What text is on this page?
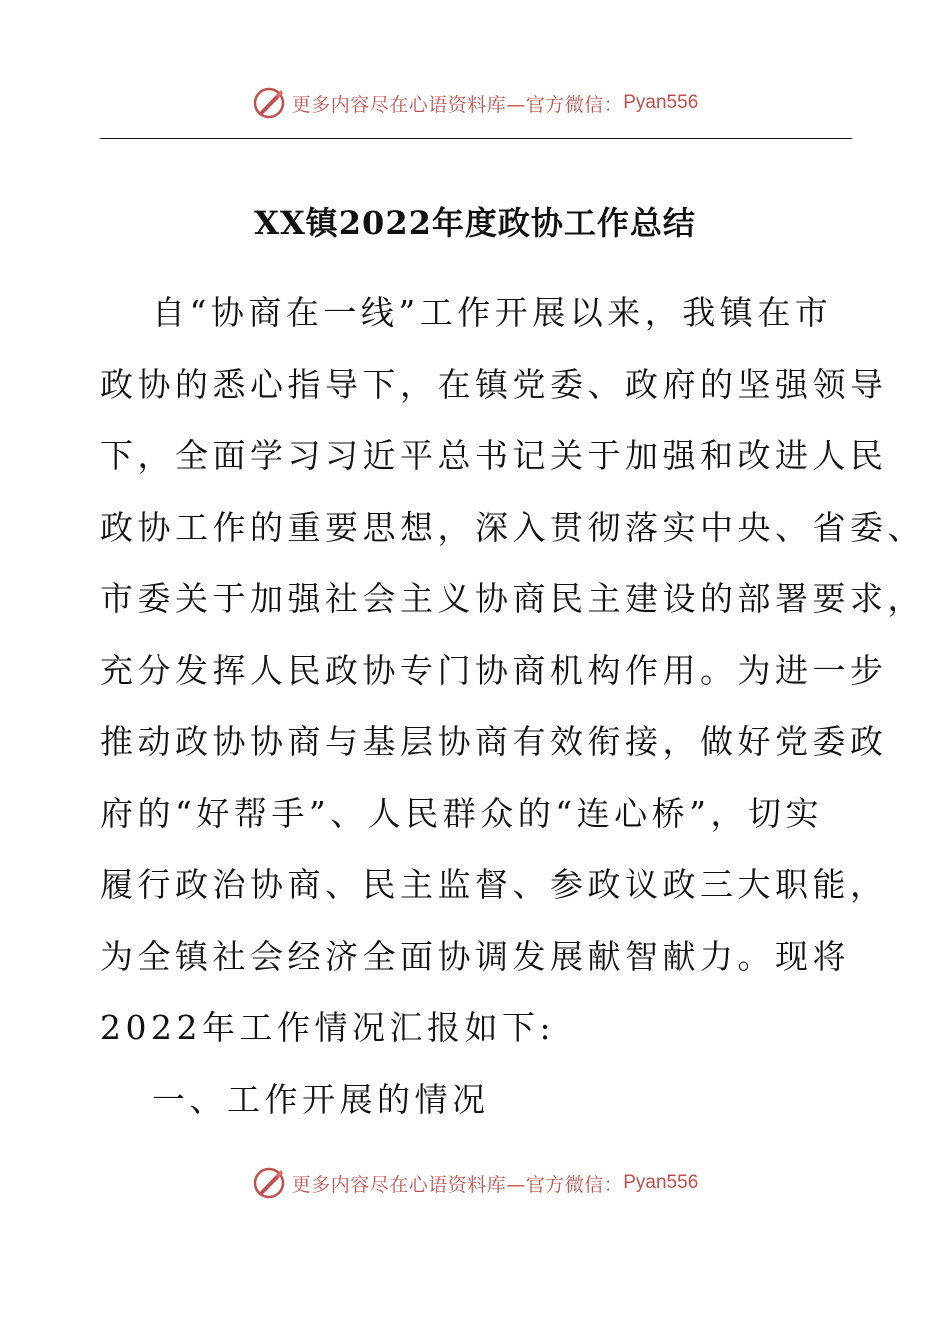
更多内容尽在心语资料库—官方微信： Pyan556
XX镇2022年度政协工作总结
自“协商在一线”工作开展以来，我镇在市
政协的悉心指导下，在镇党委、政府的坚强领导
下，全面学习习近平总书记关于加强和改进人民
政协工作的重要思想，深入贯彻落实中央、省委、
市委关于加强社会主义协商民主建设的部署要求，
充分发挥人民政协专门协商机构作用。为进一步
推动政协协商与基层协商有效衔接，做好党委政
府的“好帮手”、人民群众的“连心桥”，切实
履行政治协商、民主监督、参政议政三大职能，
为全镇社会经济全面协调发展献智献力。现将
2022年工作情况汇报如下:
一、工作开展的情况
更多内容尽在心语资料库—官方微信： Pyan556
